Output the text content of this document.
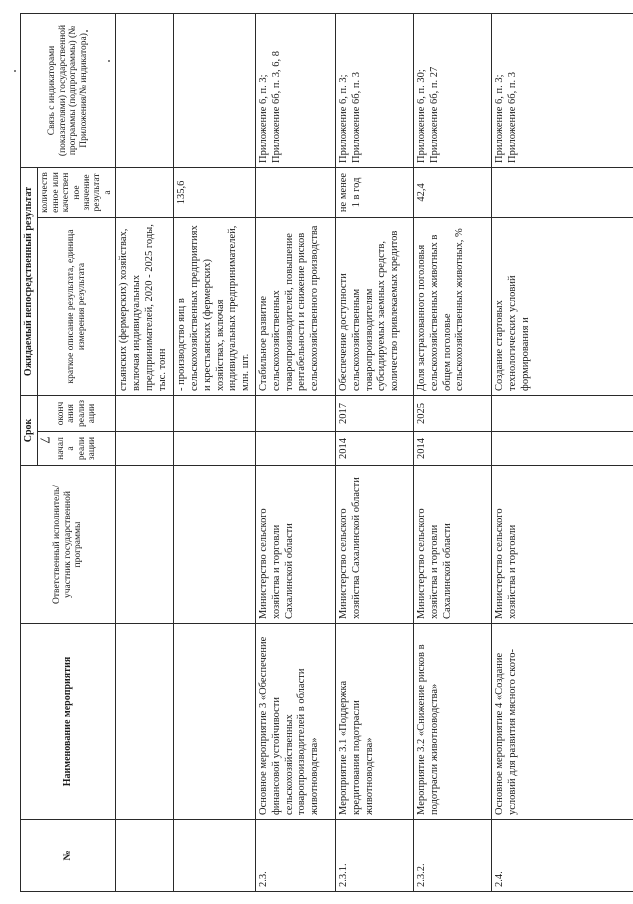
7
№	Наименование мероприятия	Ответственный исполнитель/ участник государственной программы	Срок		Ожидаемый непосредственный результат		Связь с индикаторами (показателями) государственной программы (подпрограммы) (№ Приложения/№ индикатора)
			начала реализации	окончания реализации	краткое описание результата, единица измерения результата	количественное или качественное значение результата	
					стьянских (фермерских) хозяйствах, включая индивидуальных предпринимателей, 2020 - 2025 годы, тыс. тонн		
					- производство яиц в сельскохозяйственных предприятиях и крестьянских (фермерских) хозяйствах, включая индивидуальных предпринимателей, млн. шт.	135,6	
2.3.	Основное мероприятие 3 «Обеспечение финансовой устойчивости сельскохозяйственных товаропроизводителей в области животноводства»	Министерство сельского хозяйства и торговли Сахалинской области			Стабильное развитие сельскохозяйственных товаропроизводителей, повышение рентабельности и снижение рисков сельскохозяйственного производства		Приложение 6, п. 3; Приложение 6б, п. 3, 6, 8
2.3.1.	Мероприятие 3.1 «Поддержка кредитования подотрасли животноводства»	Министерство сельского хозяйства Сахалинской области	2014	2017	Обеспечение доступности сельскохозяйственным товаропроизводителям субсидируемых заемных средств, количество привлекаемых кредитов	не менее 1 в год	Приложение 6, п. 3; Приложение 6б, п. 3
2.3.2.	Мероприятие 3.2 «Снижение рисков в подотрасли животноводства»	Министерство сельского хозяйства и торговли Сахалинской области	2014	2025	Доля застрахованного поголовья сельскохозяйственных животных в общем поголовье сельскохозяйственных животных, %	42,4	Приложение 6, п. 30; Приложение 6б, п. 27
2.4.	Основное мероприятие 4 «Создание условий для развития мясного ското-	Министерство сельского хозяйства и торговли			Создание стартовых технологических условий формирования и		Приложение 6, п. 3; Приложение 6б, п. 3
